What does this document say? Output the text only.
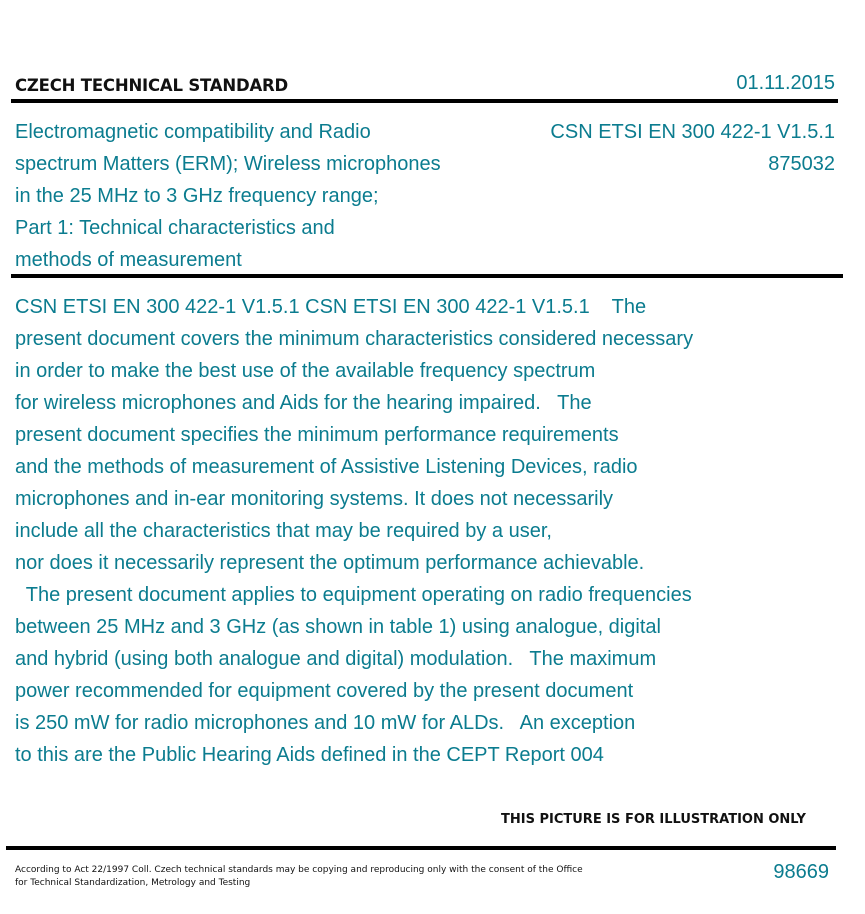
CZECH TECHNICAL STANDARD	01.11.2015
Electromagnetic compatibility and Radio
spectrum Matters (ERM); Wireless microphones
in the 25 MHz to 3 GHz frequency range;
Part 1: Technical characteristics and
methods of measurement
CSN ETSI EN 300 422-1 V1.5.1
875032
CSN ETSI EN 300 422-1 V1.5.1 CSN ETSI EN 300 422-1 V1.5.1    The
present document covers the minimum characteristics considered necessary
in order to make the best use of the available frequency spectrum
for wireless microphones and Aids for the hearing impaired.   The
present document specifies the minimum performance requirements
and the methods of measurement of Assistive Listening Devices, radio
microphones and in-ear monitoring systems. It does not necessarily
include all the characteristics that may be required by a user,
nor does it necessarily represent the optimum performance achievable.
The present document applies to equipment operating on radio frequencies
between 25 MHz and 3 GHz (as shown in table 1) using analogue, digital
and hybrid (using both analogue and digital) modulation.   The maximum
power recommended for equipment covered by the present document
is 250 mW for radio microphones and 10 mW for ALDs.   An exception
to this are the Public Hearing Aids defined in the CEPT Report 004
THIS PICTURE IS FOR ILLUSTRATION ONLY
According to Act 22/1997 Coll. Czech technical standards may be copying and reproducing only with the consent of the Office
for Technical Standardization, Metrology and Testing	98669
